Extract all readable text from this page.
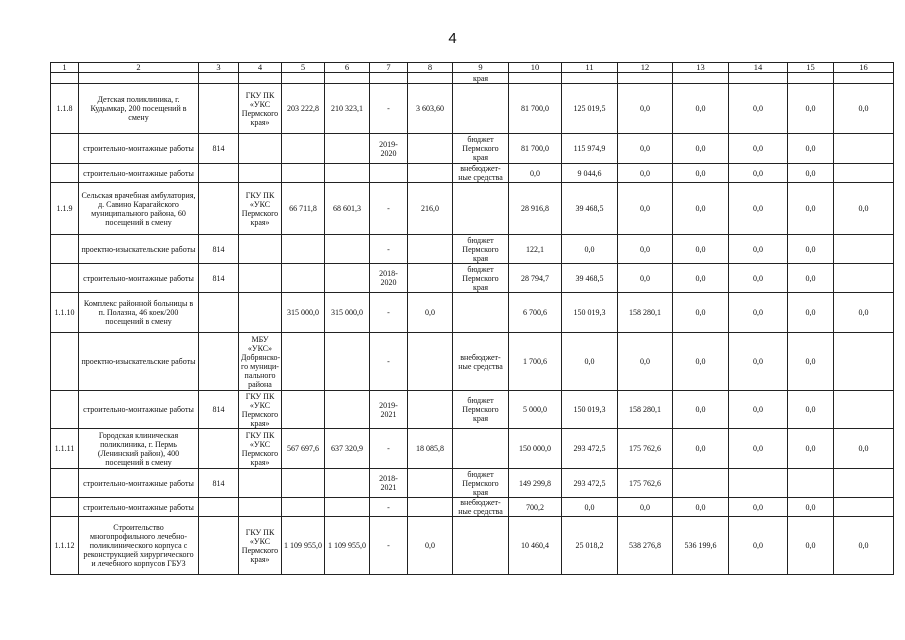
4
1	2	3	4	5	6	7	8	9	10	11	12	13	14	15	16
								края							
1.1.8	Детская поликлиника, г. Кудымкар, 200 посещений в смену		ГКУ ПК «УКС Пермского края»	203 222,8	210 323,1	-	3 603,60		81 700,0	125 019,5	0,0	0,0	0,0	0,0	0,0
	строительно-монтажные работы	814				2019-2020		бюджет Пермского края	81 700,0	115 974,9	0,0	0,0	0,0	0,0	
	строительно-монтажные работы							внебюджет-ные средства	0,0	9 044,6	0,0	0,0	0,0	0,0	
1.1.9	Сельская врачебная амбулатория, д. Савино Карагайского муниципального района, 60 посещений в смену		ГКУ ПК «УКС Пермского края»	66 711,8	68 601,3	-	216,0		28 916,8	39 468,5	0,0	0,0	0,0	0,0	0,0
	проектно-изыскательские работы	814				-		бюджет Пермского края	122,1	0,0	0,0	0,0	0,0	0,0	
	строительно-монтажные работы	814				2018-2020		бюджет Пермского края	28 794,7	39 468,5	0,0	0,0	0,0	0,0	
1.1.10	Комплекс районной больницы в п. Полазна, 46 коек/200 посещений в смену			315 000,0	315 000,0	-	0,0		6 700,6	150 019,3	158 280,1	0,0	0,0	0,0	0,0
	проектно-изыскательские работы		МБУ «УКС» Добрянско-го муници-пального района			-		внебюджет-ные средства	1 700,6	0,0	0,0	0,0	0,0	0,0	
	строительно-монтажные работы	814	ГКУ ПК «УКС Пермского края»			2019-2021		бюджет Пермского края	5 000,0	150 019,3	158 280,1	0,0	0,0	0,0	
1.1.11	Городская клиническая поликлиника, г. Пермь (Ленинский район), 400 посещений в смену		ГКУ ПК «УКС Пермского края»	567 697,6	637 320,9	-	18 085,8		150 000,0	293 472,5	175 762,6	0,0	0,0	0,0	0,0
	строительно-монтажные работы	814				2018-2021		бюджет Пермского края	149 299,8	293 472,5	175 762,6				
	строительно-монтажные работы					-		внебюджет-ные средства	700,2	0,0	0,0	0,0	0,0	0,0	
1.1.12	Строительство многопрофильного лечебно-поликлинического корпуса с реконструкцией хирургического и лечебного корпусов ГБУЗ		ГКУ ПК «УКС Пермского края»	1 109 955,0	1 109 955,0	-	0,0		10 460,4	25 018,2	538 276,8	536 199,6	0,0	0,0	0,0
